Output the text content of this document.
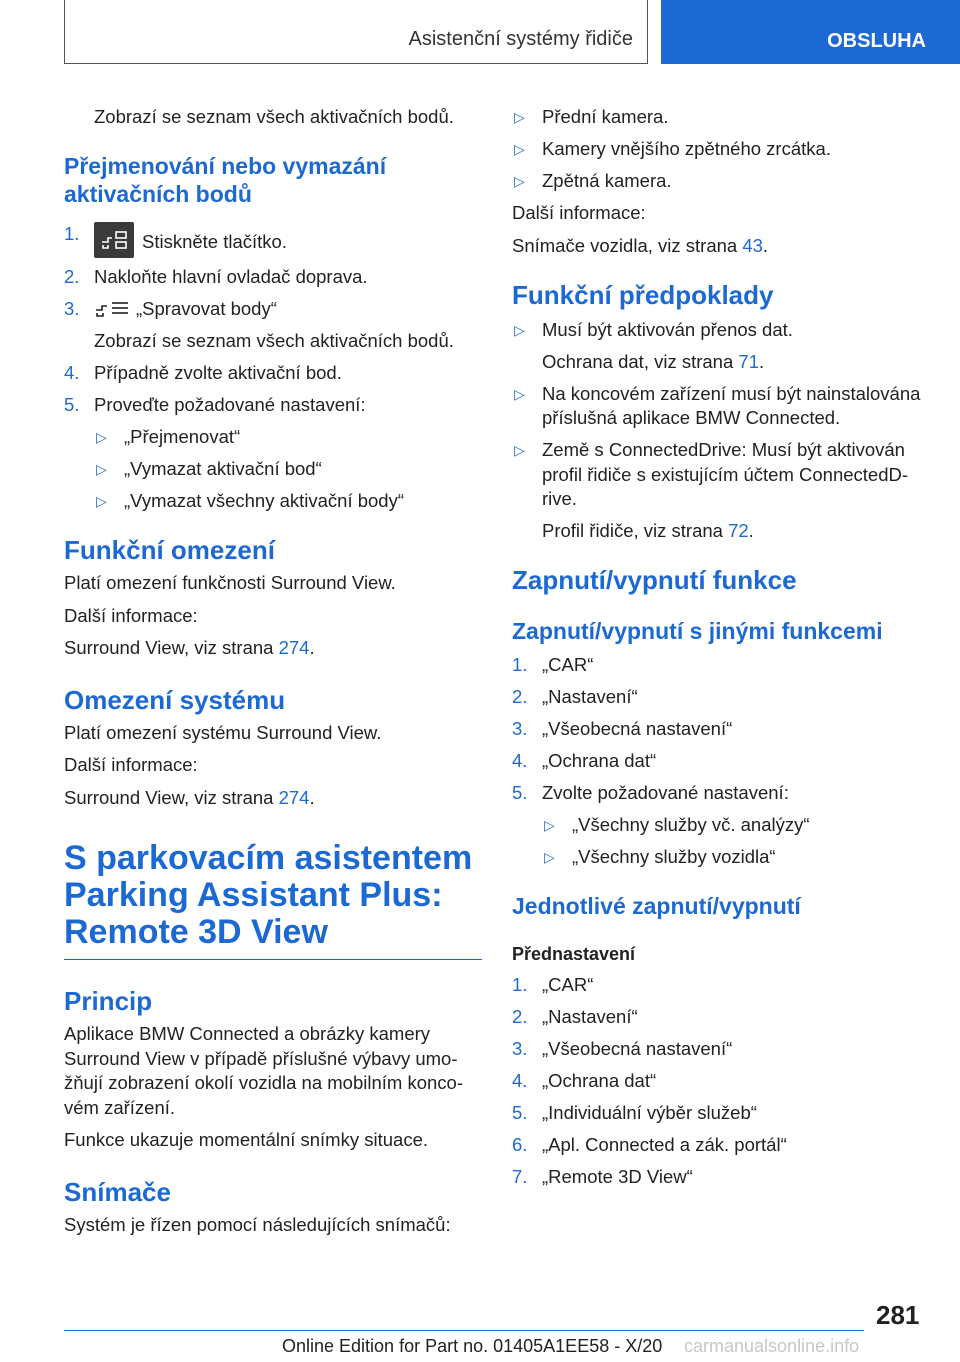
Asistenční systémy řidiče	OBSLUHA

Zobrazí se seznam všech aktivačních bodů.

Přejmenování nebo vymazání aktivačních bodů

1.	Stiskněte tlačítko.
2. Nakloňte hlavní ovladač doprava.
3.	„Spravovat body“

Zobrazí se seznam všech aktivačních bodů.

4. Případně zvolte aktivační bod.
5. Proveďte požadované nastavení:
▷ „Přejmenovat“
▷ „Vymazat aktivační bod“
▷ „Vymazat všechny aktivační body“

Funkční omezení

Platí omezení funkčnosti Surround View.

Další informace:

Surround View, viz strana 274.

Omezení systému

Platí omezení systému Surround View.

Další informace:

Surround View, viz strana 274.

S parkovacím asistentem

Parking Assistant Plus:

Remote 3D View

Princip

Aplikace BMW Connected a obrázky kamery Surround View v případě příslušné výbavy umo-žňují zobrazení okolí vozidla na mobilním konco-vém zařízení.

Funkce ukazuje momentální snímky situace.

Snímače

Systém je řízen pomocí následujících snímačů:

▷ Přední kamera.
▷ Kamery vnějšího zpětného zrcátka.
▷ Zpětná kamera.

Další informace:

Snímače vozidla, viz strana 43.

Funkční předpoklady

▷ Musí být aktivován přenos dat.

Ochrana dat, viz strana 71.

▷ Na koncovém zařízení musí být nainstalována příslušná aplikace BMW Connected.
▷ Země s ConnectedDrive: Musí být aktivován profil řidiče s existujícím účtem ConnectedD-rive.

Profil řidiče, viz strana 72.

Zapnutí/vypnutí funkce

Zapnutí/vypnutí s jinými funkcemi

1. „CAR“
2. „Nastavení“
3. „Všeobecná nastavení“
4. „Ochrana dat“
5. Zvolte požadované nastavení:
▷ „Všechny služby vč. analýzy“
▷ „Všechny služby vozidla“

Jednotlivé zapnutí/vypnutí

Přednastavení

1. „CAR“
2. „Nastavení“
3. „Všeobecná nastavení“
4. „Ochrana dat“
5. „Individuální výběr služeb“
6. „Apl. Connected a zák. portál“
7. „Remote 3D View“
281
Online Edition for Part no. 01405A1EE58 - X/20 carmanualsonline.info
